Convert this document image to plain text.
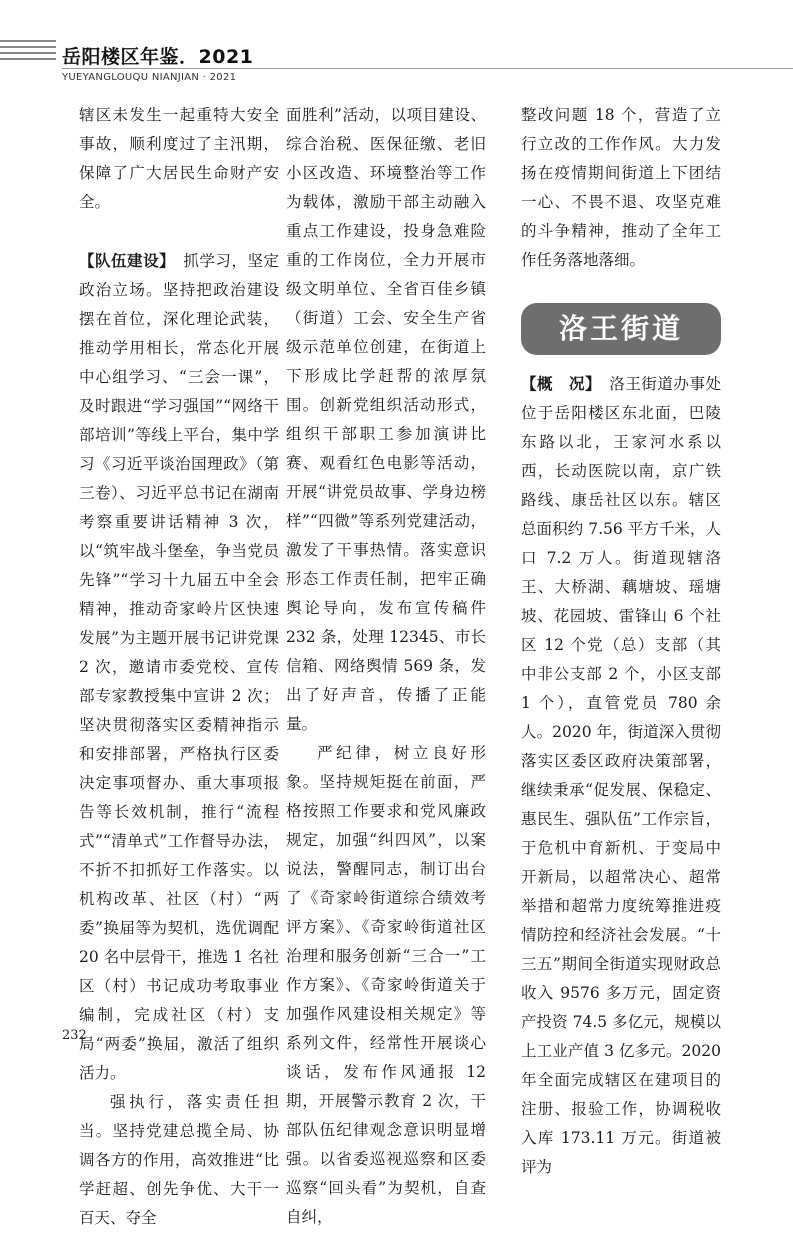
岳阳楼区年鉴．2021
YUEYANGLOUQU NIANJIAN · 2021

辖区未发生一起重特大安全事故，顺利度过了主汛期，保障了广大居民生命财产安全。

【队伍建设】　 抓学习，坚定政治立场。坚持把政治建设摆在首位，深化理论武装，推动学用相长，常态化开展中心组学习、“三会一课”，及时跟进“学习强国”“网络干部培训”等线上平台，集中学习《习近平谈治国理政》（第三卷）、习近平总书记在湖南考察重要讲话精神 3 次，以“筑牢战斗堡垒，争当党员先锋”“学习十九届五中全会精神，推动奇家岭片区快速发展”为主题开展书记讲党课 2 次，邀请市委党校、宣传部专家教授集中宣讲 2 次；坚决贯彻落实区委精神指示和安排部署，严格执行区委决定事项督办、重大事项报告等长效机制，推行“流程式”“清单式”工作督导办法，不折不扣抓好工作落实。以机构改革、社区（村）“两委”换届等为契机，选优调配 20 名中层骨干，推选 1 名社区（村）书记成功考取事业编制，完成社区（村）支局“两委”换届，激活了组织活力。

强执行，落实责任担当。坚持党建总揽全局、协调各方的作用，高效推进“比学赶超、创先争优、大干一百天、夺全

面胜利”活动，以项目建设、综合治税、医保征缴、老旧小区改造、环境整治等工作为载体，激励干部主动融入重点工作建设，投身急难险重的工作岗位，全力开展市级文明单位、全省百佳乡镇（街道）工会、安全生产省级示范单位创建，在街道上下形成比学赶帮的浓厚氛围。创新党组织活动形式，组织干部职工参加演讲比赛、观看红色电影等活动，开展“讲党员故事、学身边榜样”“四微”等系列党建活动，激发了干事热情。落实意识形态工作责任制，把牢正确舆论导向，发布宣传稿件 232 条，处理 12345、市长信箱、网络舆情 569 条，发出了好声音，传播了正能量。

严纪律，树立良好形象。坚持规矩挺在前面，严格按照工作要求和党风廉政规定，加强“纠四风”，以案说法，警醒同志，制订出台了《奇家岭街道综合绩效考评方案》、《奇家岭街道社区治理和服务创新“三合一”工作方案》、《奇家岭街道关于加强作风建设相关规定》等系列文件，经常性开展谈心谈话，发布作风通报 12 期，开展警示教育 2 次，干部队伍纪律观念意识明显增强。以省委巡视巡察和区委巡察“回头看”为契机，自查自纠，

整改问题 18 个，营造了立行立改的工作作风。大力发扬在疫情期间街道上下团结一心、不畏不退、攻坚克难的斗争精神，推动了全年工作任务落地落细。

洛王街道

【概　况】　 洛王街道办事处位于岳阳楼区东北面，巴陵东路以北，王家河水系以西，长动医院以南，京广铁路线、康岳社区以东。辖区总面积约 7.56 平方千米，人口 7.2 万人。街道现辖洛王、大桥湖、藕塘坡、瑶塘坡、花园坡、雷锋山 6 个社区 12 个党（总）支部（其中非公支部 2 个，小区支部 1 个），直管党员 780 余人。2020 年，街道深入贯彻落实区委区政府决策部署，继续秉承“促发展、保稳定、惠民生、强队伍”工作宗旨，于危机中育新机、于变局中开新局，以超常决心、超常举措和超常力度统筹推进疫情防控和经济社会发展。“十三五”期间全街道实现财政总收入 9576 多万元，固定资产投资 74.5 多亿元，规模以上工业产值 3 亿多元。2020 年全面完成辖区在建项目的注册、报验工作，协调税收入库 173.11 万元。街道被评为

232
